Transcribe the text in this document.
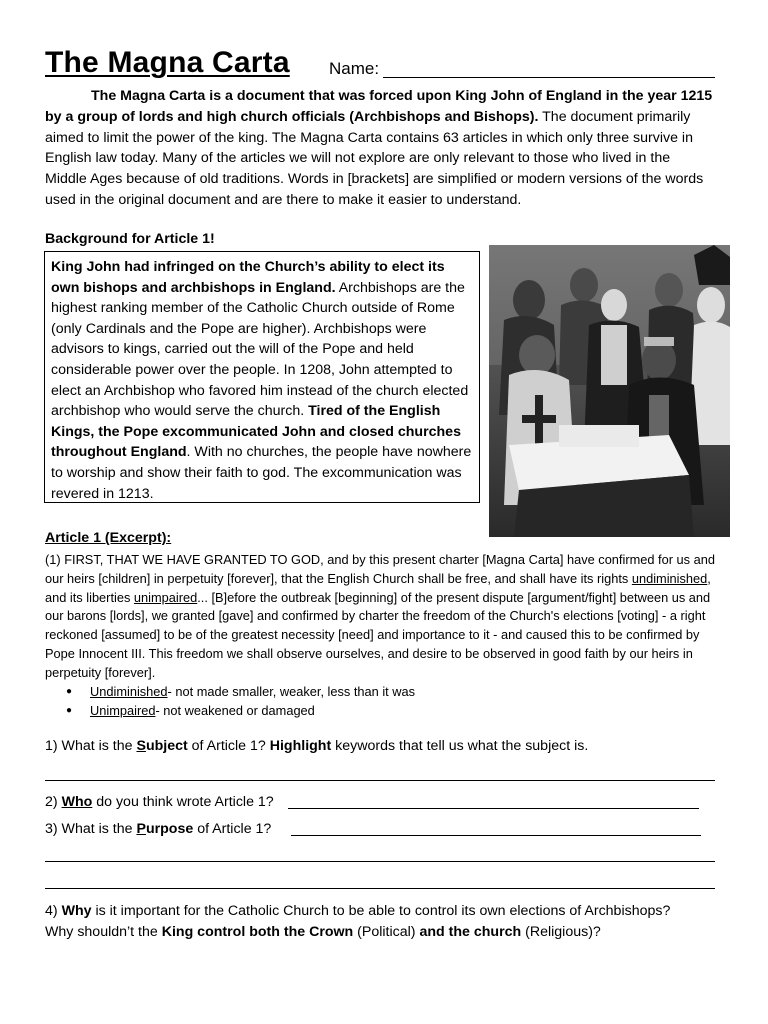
The Magna Carta Name:
The Magna Carta is a document that was forced upon King John of England in the year 1215 by a group of lords and high church officials (Archbishops and Bishops). The document primarily aimed to limit the power of the king. The Magna Carta contains 63 articles in which only three survive in English law today. Many of the articles we will not explore are only relevant to those who lived in the Middle Ages because of old traditions. Words in [brackets] are simplified or modern versions of the words used in the original document and are there to make it easier to understand.
Background for Article 1!
King John had infringed on the Church’s ability to elect its own bishops and archbishops in England. Archbishops are the highest ranking member of the Catholic Church outside of Rome (only Cardinals and the Pope are higher). Archbishops were advisors to kings, carried out the will of the Pope and held considerable power over the people. In 1208, John attempted to elect an Archbishop who favored him instead of the church elected archbishop who would serve the church. Tired of the English Kings, the Pope excommunicated John and closed churches throughout England. With no churches, the people have nowhere to worship and show their faith to god. The excommunication was revered in 1213.
Article 1 (Excerpt):
(1) FIRST, THAT WE HAVE GRANTED TO GOD, and by this present charter [Magna Carta] have confirmed for us and our heirs [children] in perpetuity [forever], that the English Church shall be free, and shall have its rights undiminished, and its liberties unimpaired... [B]efore the outbreak [beginning] of the present dispute [argument/fight] between us and our barons [lords], we granted [gave] and confirmed by charter the freedom of the Church's elections [voting] - a right reckoned [assumed] to be of the greatest necessity [need] and importance to it - and caused this to be confirmed by Pope Innocent III. This freedom we shall observe ourselves, and desire to be observed in good faith by our heirs in perpetuity [forever].
●	Undiminished - not made smaller, weaker, less than it was
●	Unimpaired - not weakened or damaged
1) What is the Subject of Article 1? Highlight keywords that tell us what the subject is.
2) Who do you think wrote Article 1?
3) What is the Purpose of Article 1?
4) Why is it important for the Catholic Church to be able to control its own elections of Archbishops?
Why shouldn’t the King control both the Crown (Political) and the church (Religious)?
